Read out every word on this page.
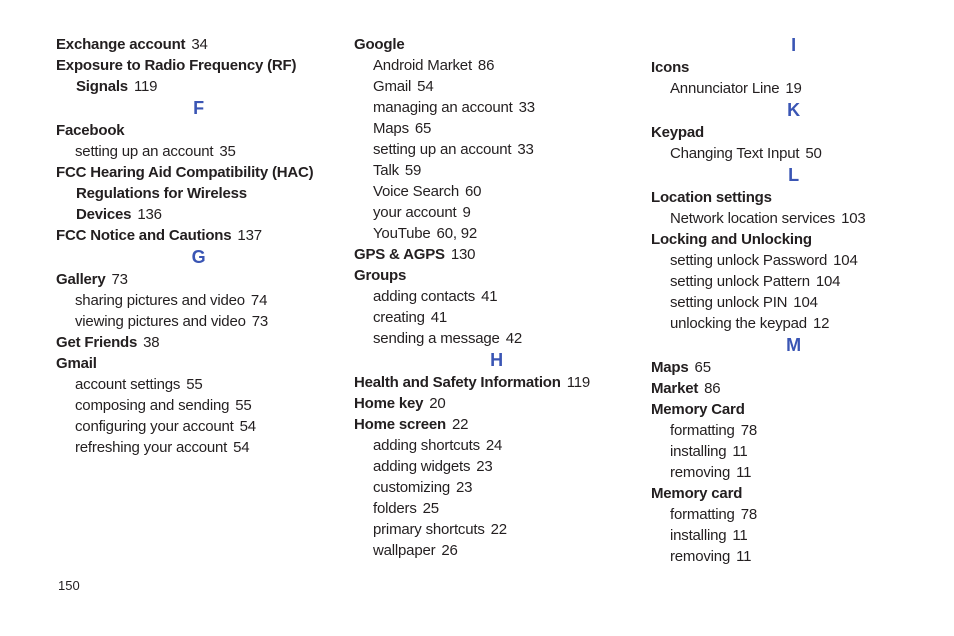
Exchange account 34
Exposure to Radio Frequency (RF)
Signals 119
F
Facebook
setting up an account 35
FCC Hearing Aid Compatibility (HAC)
Regulations for Wireless
Devices 136
FCC Notice and Cautions 137
G
Gallery 73
sharing pictures and video 74
viewing pictures and video 73
Get Friends 38
Gmail
account settings 55
composing and sending 55
configuring your account 54
refreshing your account 54
Google
Android Market 86
Gmail 54
managing an account 33
Maps 65
setting up an account 33
Talk 59
Voice Search 60
your account 9
YouTube 60, 92
GPS & AGPS 130
Groups
adding contacts 41
creating 41
sending a message 42
H
Health and Safety Information 119
Home key 20
Home screen 22
adding shortcuts 24
adding widgets 23
customizing 23
folders 25
primary shortcuts 22
wallpaper 26
I
Icons
Annunciator Line 19
K
Keypad
Changing Text Input 50
L
Location settings
Network location services 103
Locking and Unlocking
setting unlock Password 104
setting unlock Pattern 104
setting unlock PIN 104
unlocking the keypad 12
M
Maps 65
Market 86
Memory Card
formatting 78
installing 11
removing 11
Memory card
formatting 78
installing 11
removing 11
150
